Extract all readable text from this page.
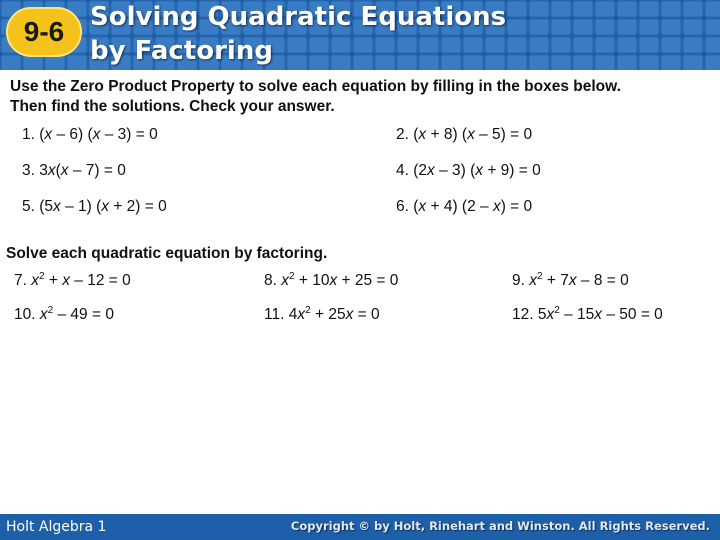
9-6 Solving Quadratic Equations
by Factoring
Use the Zero Product Property to solve each equation by filling in the boxes below.
Then find the solutions. Check your answer.
1. (x – 6) (x – 3) = 0	2. (x + 8) (x – 5) = 0
3. 3x(x – 7) = 0	4. (2x – 3) (x + 9) = 0
5. (5x – 1) (x + 2) = 0	6. (x + 4) (2 – x) = 0
Solve each quadratic equation by factoring.
7. $x^2 + x - 12 = 0$	8. $x^2 + 10x + 25 = 0$	9. $x^2 + 7x - 8 = 0$
10. $x^2 - 49 = 0$	11. $4x^2 + 25x = 0$	12. $5x^2 - 15x - 50 = 0$
Holt Algebra 1	Copyright © by Holt, Rinehart and Winston. All Rights Reserved.
